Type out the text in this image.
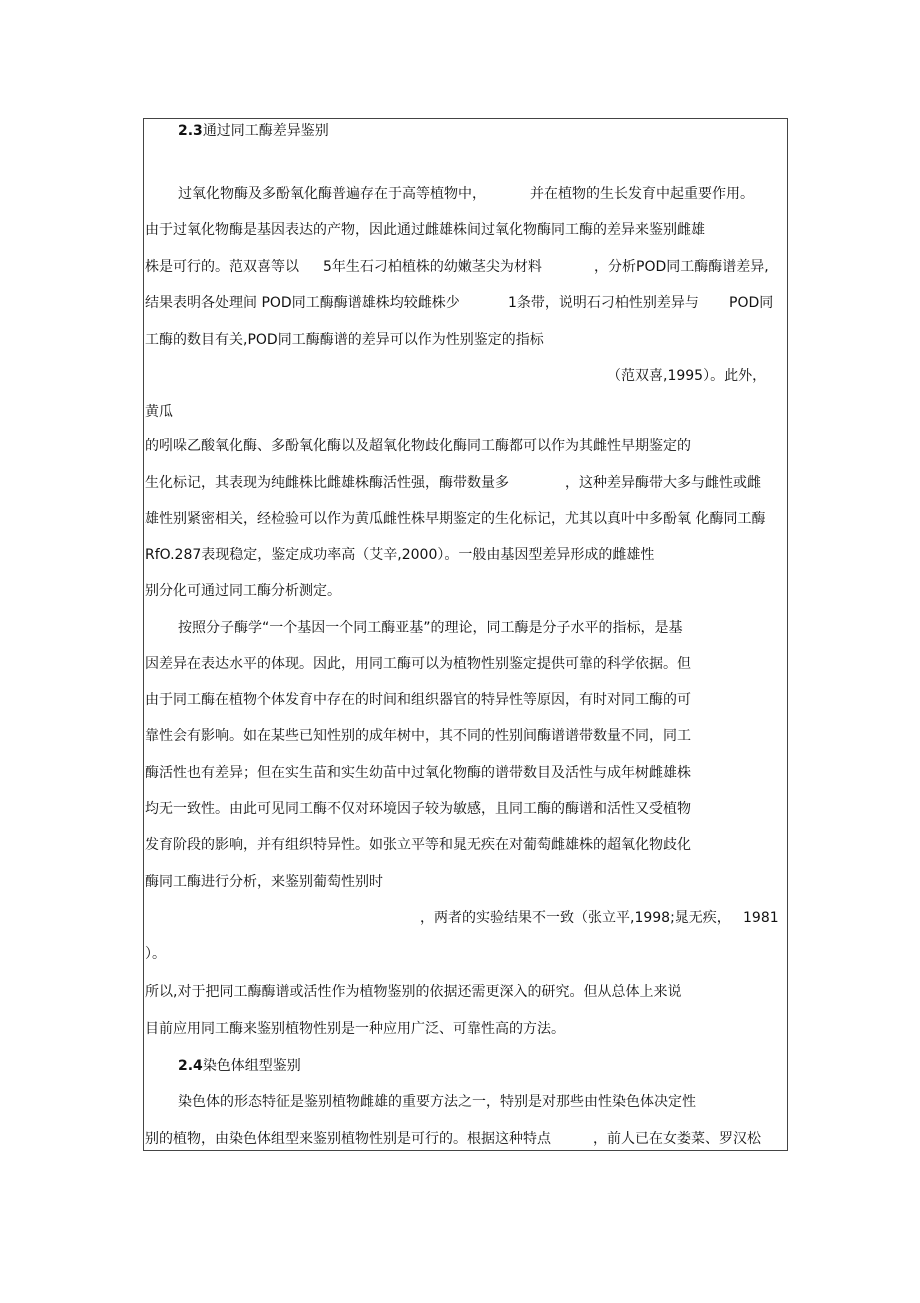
2.3通过同工酶差异鉴别
过氧化物酶及多酚氧化酶普遍存在于高等植物中，	并在植物的生长发育中起重要作用。
由于过氧化物酶是基因表达的产物，因此通过雌雄株间过氧化物酶同工酶的差异来鉴别雌雄
株是可行的。范双喜等以 5年生石刁柏植株的幼嫩茎尖为材料	，分析POD同工酶酶谱差异,
结果表明各处理间 POD同工酶酶谱雄株均较雌株少	1条带，说明石刁柏性别差异与 POD同
工酶的数目有关,POD同工酶酶谱的差异可以作为性别鉴定的指标
（范双喜,1995）。此外，
黄瓜
的吲哚乙酸氧化酶、多酚氧化酶以及超氧化物歧化酶同工酶都可以作为其雌性早期鉴定的
生化标记，其表现为纯雌株比雌雄株酶活性强，酶带数量多	，这种差异酶带大多与雌性或雌
雄性别紧密相关，经检验可以作为黄瓜雌性株早期鉴定的生化标记，尤其以真叶中多酚氧 化酶同工酶
RfO.287表现稳定，鉴定成功率高（艾辛,2000）。一般由基因型差异形成的雌雄性
别分化可通过同工酶分析测定。
按照分子酶学“一个基因一个同工酶亚基”的理论，同工酶是分子水平的指标，是基
因差异在表达水平的体现。因此，用同工酶可以为植物性别鉴定提供可靠的科学依据。但
由于同工酶在植物个体发育中存在的时间和组织器官的特异性等原因，有时对同工酶的可
靠性会有影响。如在某些已知性别的成年树中，其不同的性别间酶谱谱带数量不同，同工
酶活性也有差异；但在实生苗和实生幼苗中过氧化物酶的谱带数目及活性与成年树雌雄株
均无一致性。由此可见同工酶不仅对环境因子较为敏感，且同工酶的酶谱和活性又受植物
发育阶段的影响，并有组织特异性。如张立平等和晁无疾在对葡萄雌雄株的超氧化物歧化
酶同工酶进行分析，来鉴别葡萄性别时
，两者的实验结果不一致（张立平,1998;晁无疾， 1981
）。
所以,对于把同工酶酶谱或活性作为植物鉴别的依据还需更深入的研究。但从总体上来说
目前应用同工酶来鉴别植物性别是一种应用广泛、可靠性高的方法。
2.4染色体组型鉴别
染色体的形态特征是鉴别植物雌雄的重要方法之一，特别是对那些由性染色体决定性
别的植物，由染色体组型来鉴别植物性别是可行的。根据这种特点	，前人已在女娄菜、罗汉松
